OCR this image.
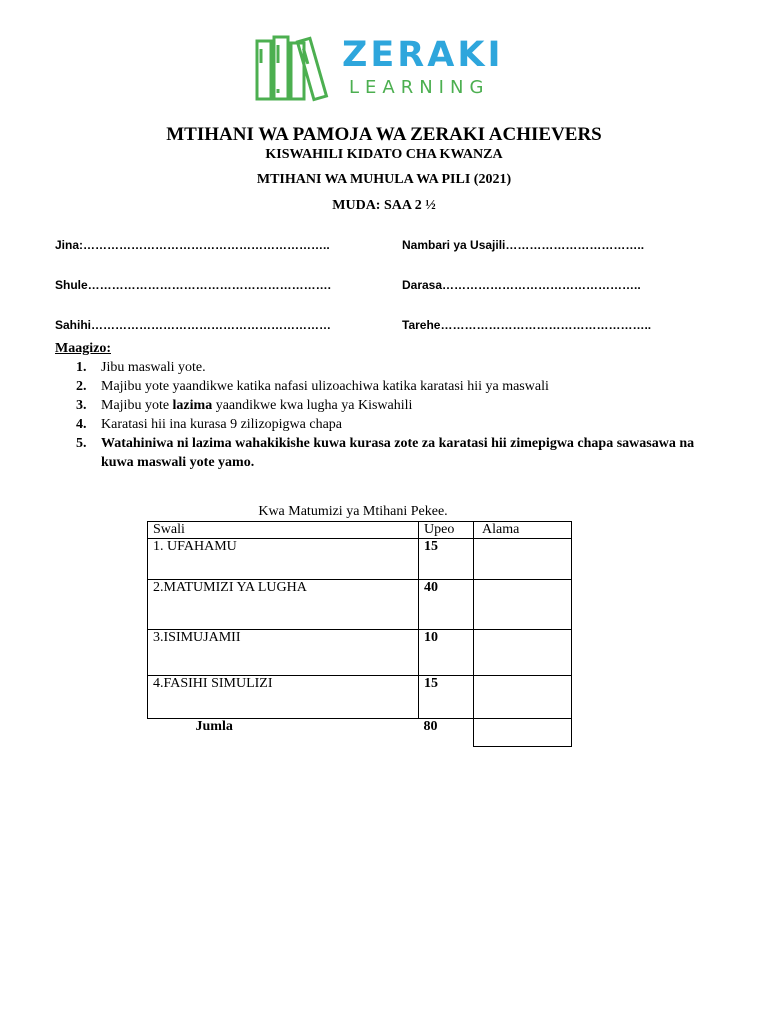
ZERAKI
LEARNING
MTIHANI WA PAMOJA WA ZERAKI ACHIEVERS
KISWAHILI KIDATO CHA KWANZA
MTIHANI WA MUHULA WA PILI (2021)
MUDA: SAA 2 ½
Jina:……………………………………………………..	Nambari ya Usajili……………………………..
Shule…………………………………………………….	Darasa…………………………………………..
Sahihi……………………………………………………	Tarehe……………………………………………..
Maagizo:
1.	Jibu maswali yote.
2.	Majibu yote yaandikwe katika nafasi ulizoachiwa katika karatasi hii ya maswali
3.	Majibu yote lazima yaandikwe kwa lugha ya Kiswahili
4.	Karatasi hii ina kurasa 9 zilizopigwa chapa
5.	Watahiniwa ni lazima wahakikishe kuwa kurasa zote za karatasi hii zimepigwa chapa sawasawa na kuwa maswali yote yamo.
Kwa Matumizi ya Mtihani Pekee.
Swali	Upeo	Alama
1. UFAHAMU	15	
2.MATUMIZI YA LUGHA	40	
3.ISIMUJAMII	10	
4.FASIHI SIMULIZI	15	
Jumla	80	
